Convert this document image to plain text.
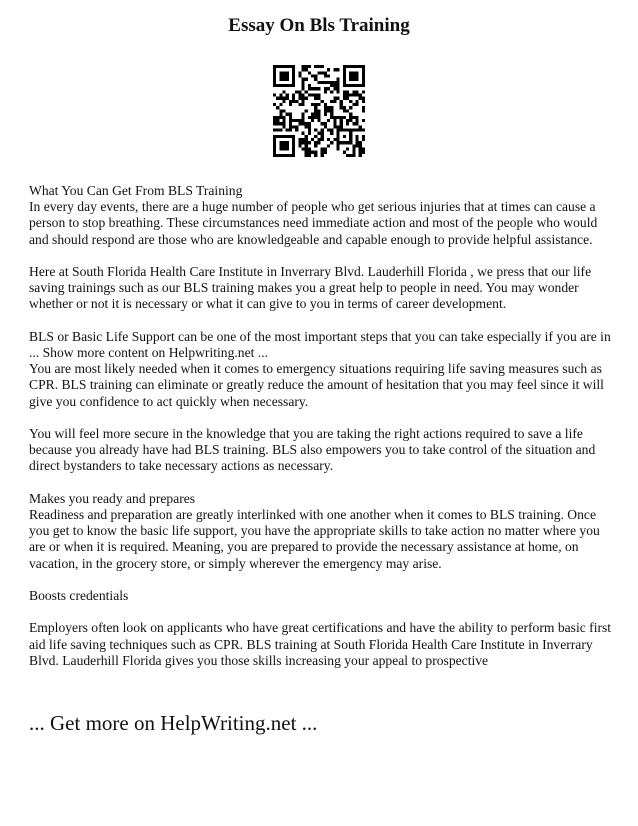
Essay On Bls Training

What You Can Get From BLS Training
In every day events, there are a huge number of people who get serious injuries that at times can cause a person to stop breathing. These circumstances need immediate action and most of the people who would and should respond are those who are knowledgeable and capable enough to provide helpful assistance.

Here at South Florida Health Care Institute in Inverrary Blvd. Lauderhill Florida , we press that our life saving trainings such as our BLS training makes you a great help to people in need. You may wonder whether or not it is necessary or what it can give to you in terms of career development.

BLS or Basic Life Support can be one of the most important steps that you can take especially if you are in ... Show more content on Helpwriting.net ...
You are most likely needed when it comes to emergency situations requiring life saving measures such as CPR. BLS training can eliminate or greatly reduce the amount of hesitation that you may feel since it will give you confidence to act quickly when necessary.

You will feel more secure in the knowledge that you are taking the right actions required to save a life because you already have had BLS training. BLS also empowers you to take control of the situation and direct bystanders to take necessary actions as necessary.

Makes you ready and prepares
Readiness and preparation are greatly interlinked with one another when it comes to BLS training. Once you get to know the basic life support, you have the appropriate skills to take action no matter where you are or when it is required. Meaning, you are prepared to provide the necessary assistance at home, on vacation, in the grocery store, or simply wherever the emergency may arise.

Boosts credentials

Employers often look on applicants who have great certifications and have the ability to perform basic first aid life saving techniques such as CPR. BLS training at South Florida Health Care Institute in Inverrary Blvd. Lauderhill Florida gives you those skills increasing your appeal to prospective

... Get more on HelpWriting.net ...
